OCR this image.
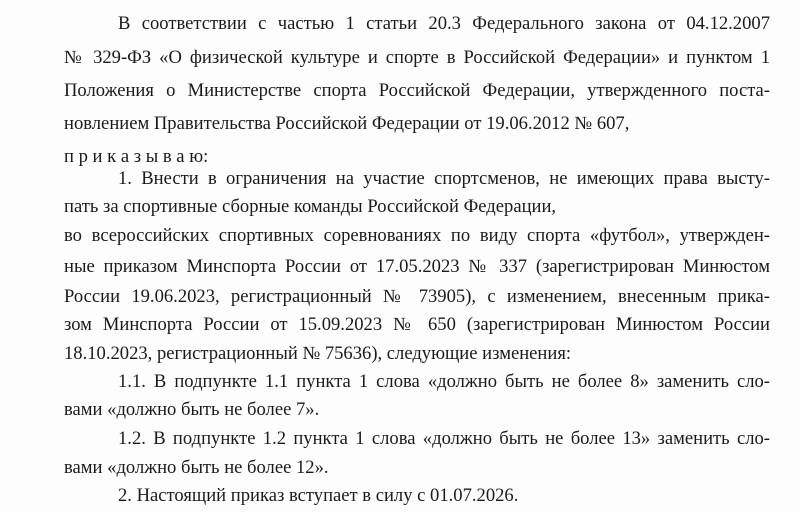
В соответствии с частью 1 статьи 20.3 Федерального закона от 04.12.2007
№ 329-ФЗ «О физической культуре и спорте в Российской Федерации» и пунктом 1
Положения о Министерстве спорта Российской Федерации, утвержденного поста-
новлением Правительства Российской Федерации от 19.06.2012 № 607,
п р и к а з ы в а ю:
1. Внести в ограничения на участие спортсменов, не имеющих права высту-
пать за спортивные сборные команды Российской Федерации,
во всероссийских спортивных соревнованиях по виду спорта «футбол», утвержден-
ные приказом Минспорта России от 17.05.2023 № 337 (зарегистрирован Минюстом
России 19.06.2023, регистрационный № 73905), с изменением, внесенным прика-
зом Минспорта России от 15.09.2023 № 650 (зарегистрирован Минюстом России
18.10.2023, регистрационный № 75636), следующие изменения:
1.1. В подпункте 1.1 пункта 1 слова «должно быть не более 8» заменить сло-
вами «должно быть не более 7».
1.2. В подпункте 1.2 пункта 1 слова «должно быть не более 13» заменить сло-
вами «должно быть не более 12».
2. Настоящий приказ вступает в силу с 01.07.2026.
